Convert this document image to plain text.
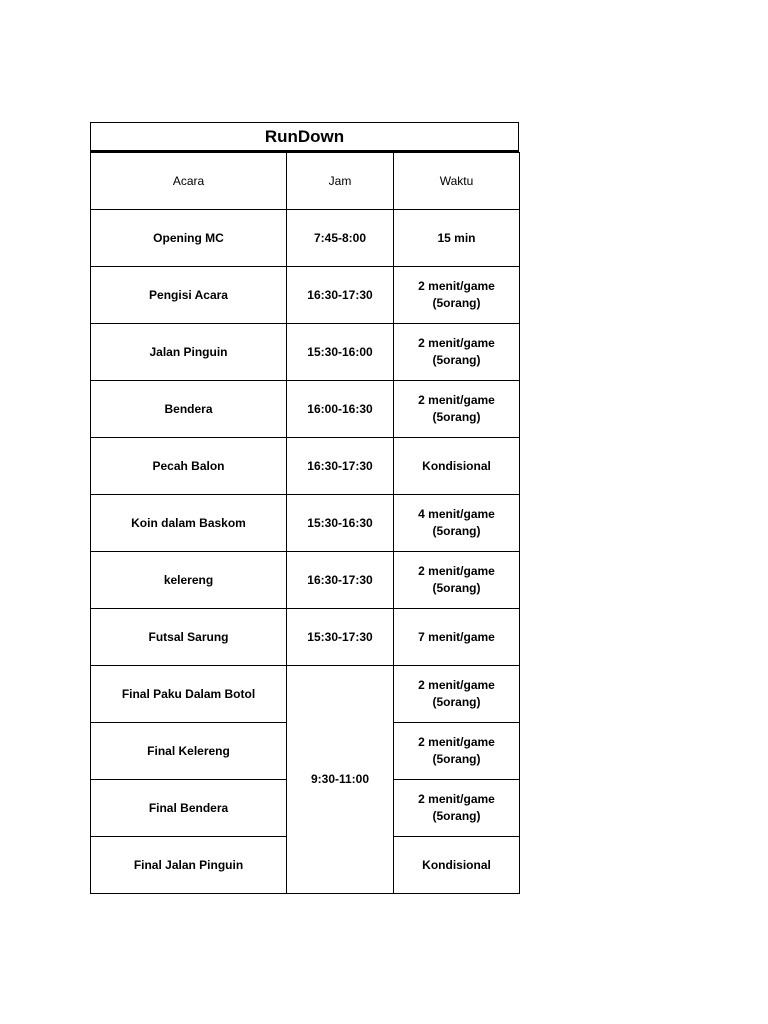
RunDown
Acara	Jam	Waktu
Opening MC	7:45-8:00	15 min

Pengisi Acara	16:30-17:30	2 menit/game
(5orang)

Jalan Pinguin	15:30-16:00	2 menit/game
(5orang)

Bendera	16:00-16:30	2 menit/game
(5orang)

Pecah Balon	16:30-17:30	Kondisional

Koin dalam Baskom	15:30-16:30	4 menit/game
(5orang)

kelereng	16:30-17:30	2 menit/game
(5orang)

Futsal Sarung	15:30-17:30	7 menit/game

Final Paku Dalam Botol	9:30-11:00	2 menit/game
(5orang)

Final Kelereng		2 menit/game
(5orang)

Final Bendera		2 menit/game
(5orang)

Final Jalan Pinguin		Kondisional
